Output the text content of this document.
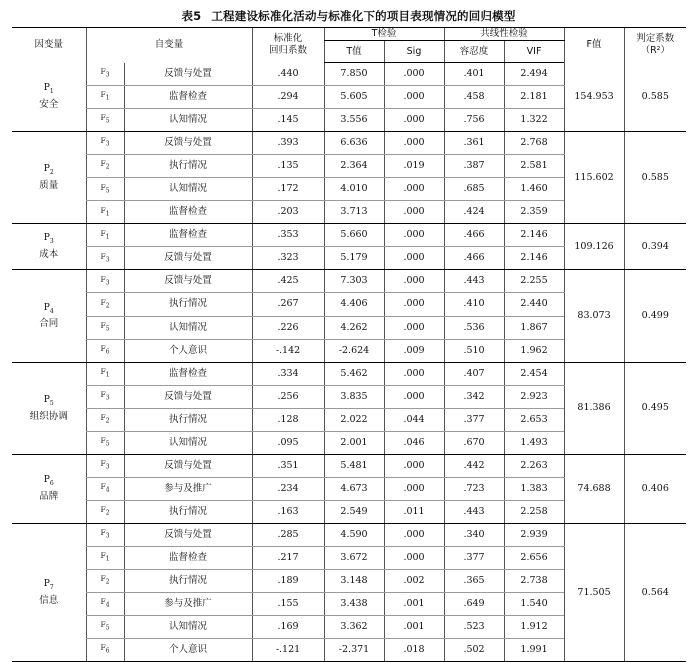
表5 工程建设标准化活动与标准化下的项目表现情况的回归模型
因变量	自变量		标准化
回归系数	T检验		共线性检验		F值	判定系数
（R²）
				T值	Sig	容忍度	VIF		

$P_1$
安全	$F_3$	反馈与处置	.440	7.850	.000	.401	2.494	154.953	0.585
	$F_1$	监督检查	.294	5.605	.000	.458	2.181		
	$F_5$	认知情况	.145	3.556	.000	.756	1.322		

$P_2$
质量	$F_3$	反馈与处置	.393	6.636	.000	.361	2.768	115.602	0.585
	$F_2$	执行情况	.135	2.364	.019	.387	2.581		
	$F_5$	认知情况	.172	4.010	.000	.685	1.460		
	$F_1$	监督检查	.203	3.713	.000	.424	2.359		

$P_3$
成本	$F_1$	监督检查	.353	5.660	.000	.466	2.146	109.126	0.394
	$F_3$	反馈与处置	.323	5.179	.000	.466	2.146		

$P_4$
合同	$F_3$	反馈与处置	.425	7.303	.000	.443	2.255	83.073	0.499
	$F_2$	执行情况	.267	4.406	.000	.410	2.440		
	$F_5$	认知情况	.226	4.262	.000	.536	1.867		
	$F_6$	个人意识	-.142	-2.624	.009	.510	1.962		

$P_5$
组织协调	$F_1$	监督检查	.334	5.462	.000	.407	2.454	81.386	0.495
	$F_3$	反馈与处置	.256	3.835	.000	.342	2.923		
	$F_2$	执行情况	.128	2.022	.044	.377	2.653		
	$F_5$	认知情况	.095	2.001	.046	.670	1.493		

$P_6$
品牌	$F_3$	反馈与处置	.351	5.481	.000	.442	2.263	74.688	0.406
	$F_4$	参与及推广	.234	4.673	.000	.723	1.383		
	$F_2$	执行情况	.163	2.549	.011	.443	2.258		

$P_7$
信息	$F_3$	反馈与处置	.285	4.590	.000	.340	2.939	71.505	0.564
	$F_1$	监督检查	.217	3.672	.000	.377	2.656		
	$F_2$	执行情况	.189	3.148	.002	.365	2.738		
	$F_4$	参与及推广	.155	3.438	.001	.649	1.540		
	$F_5$	认知情况	.169	3.362	.001	.523	1.912		
	$F_6$	个人意识	-.121	-2.371	.018	.502	1.991		
